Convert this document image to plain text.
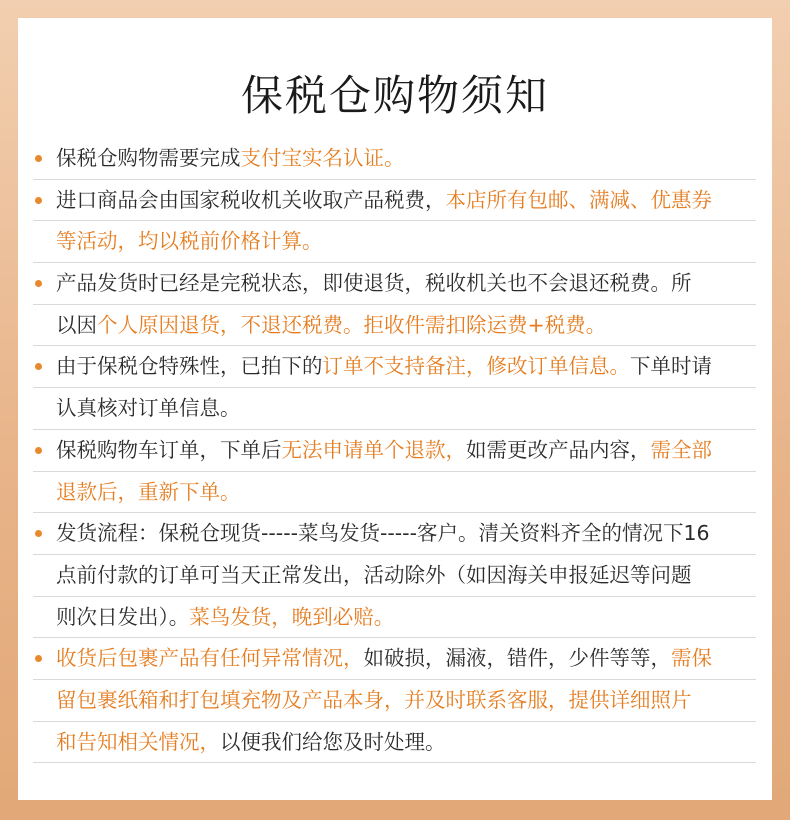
保税仓购物须知
保税仓购物需要完成支付宝实名认证。
进口商品会由国家税收机关收取产品税费，本店所有包邮、满减、优惠券
等活动，均以税前价格计算。
产品发货时已经是完税状态，即使退货，税收机关也不会退还税费。所
以因个人原因退货，不退还税费。拒收件需扣除运费+税费。
由于保税仓特殊性，已拍下的订单不支持备注，修改订单信息。下单时请
认真核对订单信息。
保税购物车订单，下单后无法申请单个退款，如需更改产品内容，需全部
退款后，重新下单。
发货流程：保税仓现货-----菜鸟发货-----客户。清关资料齐全的情况下16
点前付款的订单可当天正常发出，活动除外（如因海关申报延迟等问题
则次日发出）。菜鸟发货，晚到必赔。
收货后包裹产品有任何异常情况，如破损，漏液，错件，少件等等，需保
留包裹纸箱和打包填充物及产品本身，并及时联系客服，提供详细照片
和告知相关情况，以便我们给您及时处理。
